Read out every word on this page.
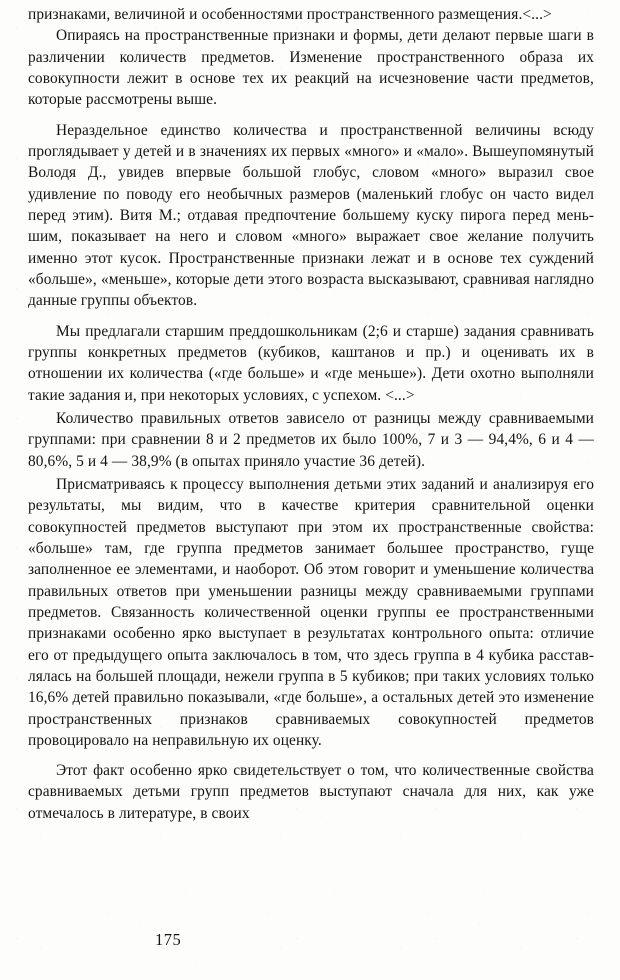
признаками, величиной и особенностями пространственного размещения.<...>

Опираясь на пространственные признаки и формы, дети делают первые шаги в различении количеств предметов. Изменение пространственного образа их совокупности лежит в основе тех их реакций на исчезновение части предметов, которые рассмотрены выше.

Нераздельное единство количества и пространственной величины всюду проглядывает у детей и в значениях их первых «много» и «мало». Вышеупомянутый Володя Д., увидев впервые большой глобус, словом «много» выразил свое удивление по поводу его необычных размеров (маленький глобус он часто видел перед этим). Витя М.; отдавая предпочтение большему куску пирога перед меньшим, показывает на него и словом «много» выражает свое желание получить именно этот кусок. Пространственные признаки лежат и в основе тех суждений «больше», «меньше», которые дети этого возраста высказывают, сравнивая наглядно данные группы объектов.

Мы предлагали старшим преддошкольникам (2;6 и старше) задания сравнивать группы конкретных предметов (кубиков, каштанов и пр.) и оценивать их в отношении их количества («где больше» и «где меньше»). Дети охотно выполняли такие задания и, при некоторых условиях, с успехом. <...>

Количество правильных ответов зависело от разницы между сравниваемыми группами: при сравнении 8 и 2 предметов их было 100%, 7 и 3 — 94,4%, 6 и 4 — 80,6%, 5 и 4 — 38,9% (в опытах приняло участие 36 детей).

Присматриваясь к процессу выполнения детьми этих заданий и анализируя его результаты, мы видим, что в качестве критерия сравнительной оценки совокупностей предметов выступают при этом их пространственные свойства: «больше» там, где группа предметов занимает большее пространство, гуще заполненное ее элементами, и наоборот. Об этом говорит и уменьшение количества правильных ответов при уменьшении разницы между сравниваемыми группами предметов. Связанность количественной оценки группы ее пространственными признаками особенно ярко выступает в результатах контрольного опыта: отличие его от предыдущего опыта заключалось в том, что здесь группа в 4 кубика расставлялась на большей площади, нежели группа в 5 кубиков; при таких условиях только 16,6% детей правильно показывали, «где больше», а остальных детей это изменение пространственных признаков сравниваемых совокупностей предметов провоцировало на неправильную их оценку.

Этот факт особенно ярко свидетельствует о том, что количественные свойства сравниваемых детьми групп предметов выступают сначала для них, как уже отмечалось в литературе, в своих

175
